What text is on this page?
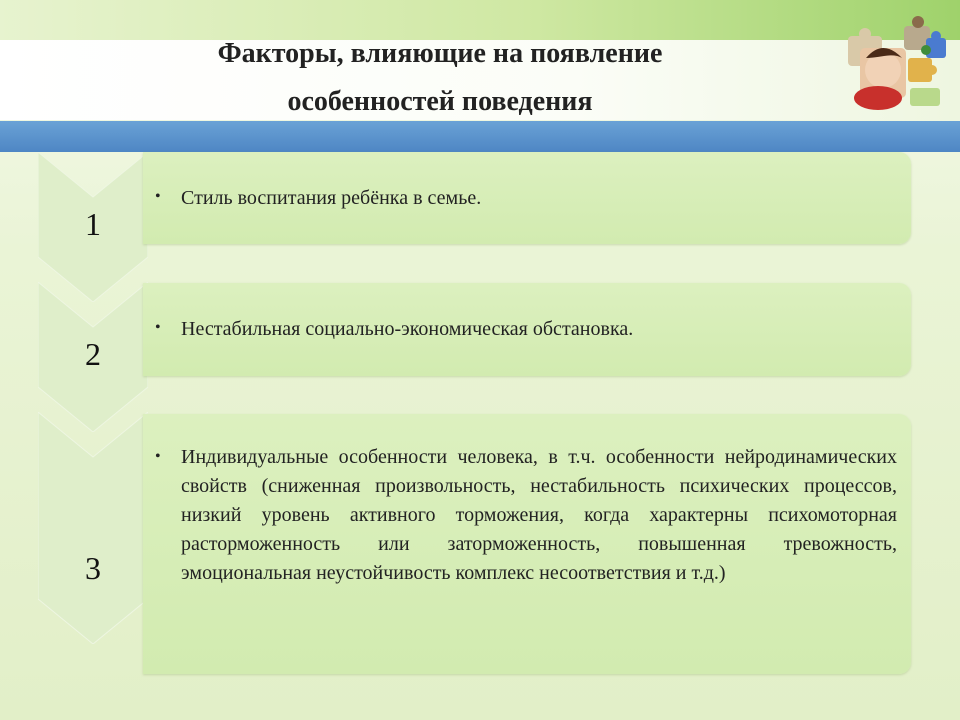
Факторы, влияющие на появление
особенностей поведения
1
• Стиль воспитания ребёнка в семье.
2
• Нестабильная социально-экономическая обстановка.
3
• Индивидуальные особенности человека, в т.ч. особенности нейродинамических свойств (сниженная произвольность, нестабильность психических процессов, низкий уровень активного торможения, когда характерны психомоторная расторможенность или заторможенность, повышенная тревожность, эмоциональная неустойчивость комплекс несоответствия и т.д.)
